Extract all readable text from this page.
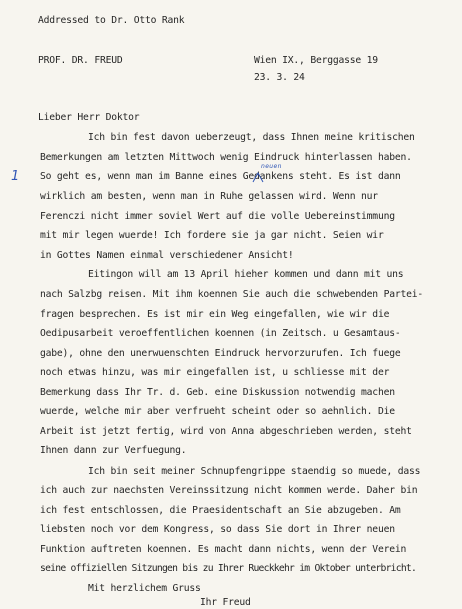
Addressed to Dr. Otto Rank
PROF. DR. FREUD	Wien IX., Berggasse 19
23. 3. 24
Lieber Herr Doktor
Ich bin fest davon ueberzeugt, dass Ihnen meine kritischen
Bemerkungen am letzten Mittwoch wenig Eindruck hinterlassen haben.
So geht es, wenn man im Banne eines Gedankens steht. Es ist dann
wirklich am besten, wenn man in Ruhe gelassen wird. Wenn nur
Ferenczi nicht immer soviel Wert auf die volle Uebereinstimmung
mit mir legen wuerde! Ich fordere sie ja gar nicht. Seien wir
in Gottes Namen einmal verschiedener Ansicht!
Eitingon will am 13 April hieher kommen und dann mit uns
nach Salzbg reisen. Mit ihm koennen Sie auch die schwebenden Partei-
fragen besprechen. Es ist mir ein Weg eingefallen, wie wir die
Oedipusarbeit veroeffentlichen koennen (in Zeitsch. u Gesamtaus-
gabe), ohne den unerwuenschten Eindruck hervorzurufen. Ich fuege
noch etwas hinzu, was mir eingefallen ist, u schliesse mit der
Bemerkung dass Ihr Tr. d. Geb. eine Diskussion notwendig machen
wuerde, welche mir aber verfrueht scheint oder so aehnlich. Die
Arbeit ist jetzt fertig, wird von Anna abgeschrieben werden, steht
Ihnen dann zur Verfuegung.
Ich bin seit meiner Schnupfengrippe staendig so muede, dass
ich auch zur naechsten Vereinssitzung nicht kommen werde. Daher bin
ich fest entschlossen, die Praesidentschaft an Sie abzugeben. Am
liebsten noch vor dem Kongress, so dass Sie dort in Ihrer neuen
Funktion auftreten koennen. Es macht dann nichts, wenn der Verein
seine offiziellen Sitzungen bis zu Ihrer Rueckkehr im Oktober unterbricht.
Mit herzlichem Gruss
Ihr Freud
neuen
1
